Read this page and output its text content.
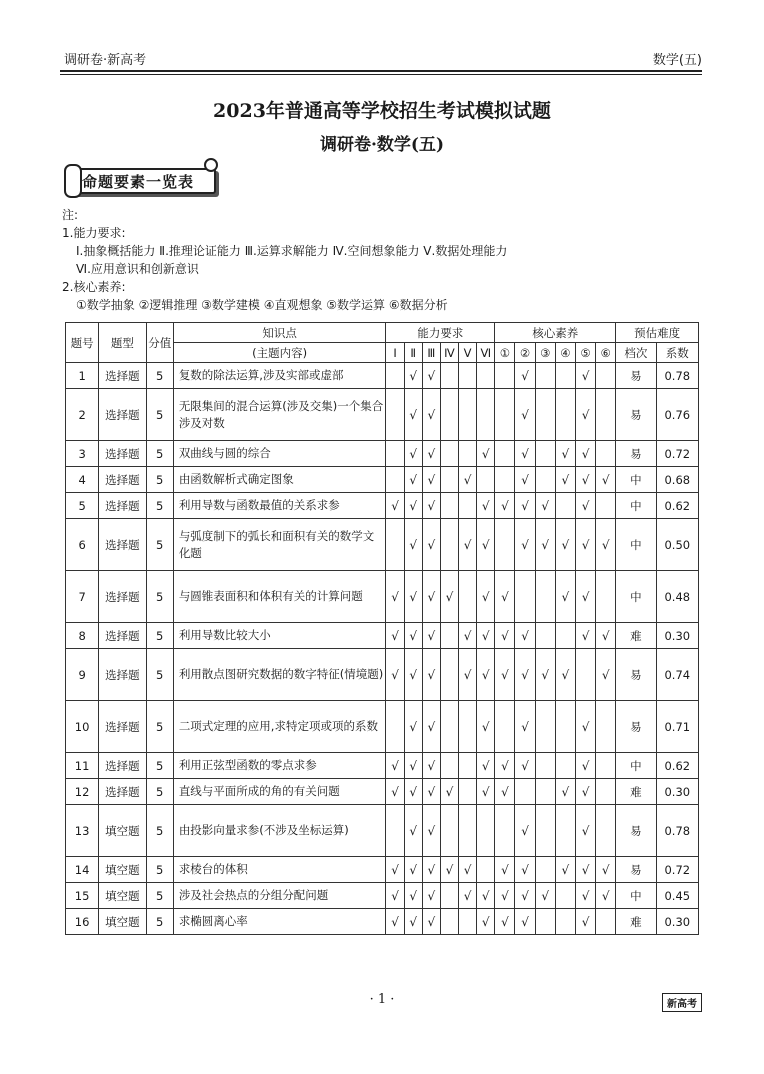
调研卷·新高考	数学(五)
2023年普通高等学校招生考试模拟试题
调研卷·数学(五)
命题要素一览表
注:
1.能力要求:
Ⅰ.抽象概括能力 Ⅱ.推理论证能力 Ⅲ.运算求解能力 Ⅳ.空间想象能力 Ⅴ.数据处理能力
Ⅵ.应用意识和创新意识
2.核心素养:
①数学抽象 ②逻辑推理 ③数学建模 ④直观想象 ⑤数学运算 ⑥数据分析
题号	题型	分值	知识点	能力要求						核心素养						预估难度	
			(主题内容)	Ⅰ	Ⅱ	Ⅲ	Ⅳ	Ⅴ	Ⅵ	①	②	③	④	⑤	⑥	档次	系数
1	选择题	5	复数的除法运算,涉及实部或虚部		√	√					√			√		易	0.78
2	选择题	5	无限集间的混合运算(涉及交集)一个集合涉及对数		√	√					√			√		易	0.76
3	选择题	5	双曲线与圆的综合		√	√			√		√		√	√		易	0.72
4	选择题	5	由函数解析式确定图象		√	√		√			√		√	√	√	中	0.68
5	选择题	5	利用导数与函数最值的关系求参	√	√	√			√	√	√	√		√		中	0.62
6	选择题	5	与弧度制下的弧长和面积有关的数学文化题		√	√		√	√		√	√	√	√	√	中	0.50
7	选择题	5	与圆锥表面积和体积有关的计算问题	√	√	√	√		√	√			√	√		中	0.48
8	选择题	5	利用导数比较大小	√	√	√		√	√	√	√			√	√	难	0.30
9	选择题	5	利用散点图研究数据的数字特征(情境题)	√	√	√		√	√	√	√	√	√		√	易	0.74
10	选择题	5	二项式定理的应用,求特定项或项的系数		√	√			√		√			√		易	0.71
11	选择题	5	利用正弦型函数的零点求参	√	√	√			√	√	√			√		中	0.62
12	选择题	5	直线与平面所成的角的有关问题	√	√	√	√		√	√			√	√		难	0.30
13	填空题	5	由投影向量求参(不涉及坐标运算)		√	√					√			√		易	0.78
14	填空题	5	求棱台的体积	√	√	√	√	√		√	√		√	√	√	易	0.72
15	填空题	5	涉及社会热点的分组分配问题	√	√	√		√	√	√	√	√		√	√	中	0.45
16	填空题	5	求椭圆离心率	√	√	√			√	√	√			√		难	0.30
· 1 ·	新高考
